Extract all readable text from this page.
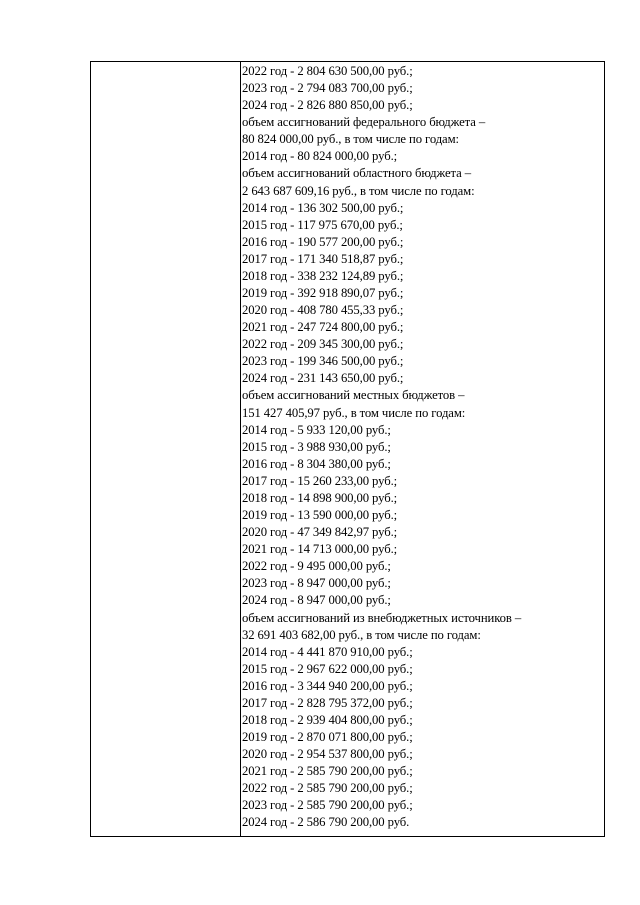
2022 год - 2 804 630 500,00 руб.;
2023 год - 2 794 083 700,00 руб.;
2024 год - 2 826 880 850,00 руб.;
объем ассигнований федерального бюджета –
80 824 000,00 руб., в том числе по годам:
2014 год - 80 824 000,00 руб.;
объем ассигнований областного бюджета –
2 643 687 609,16 руб., в том числе по годам:
2014 год - 136 302 500,00 руб.;
2015 год - 117 975 670,00 руб.;
2016 год - 190 577 200,00 руб.;
2017 год - 171 340 518,87 руб.;
2018 год - 338 232 124,89 руб.;
2019 год - 392 918 890,07 руб.;
2020 год - 408 780 455,33 руб.;
2021 год - 247 724 800,00 руб.;
2022 год - 209 345 300,00 руб.;
2023 год - 199 346 500,00 руб.;
2024 год - 231 143 650,00 руб.;
объем ассигнований местных бюджетов –
151 427 405,97 руб., в том числе по годам:
2014 год - 5 933 120,00 руб.;
2015 год - 3 988 930,00 руб.;
2016 год - 8 304 380,00 руб.;
2017 год - 15 260 233,00 руб.;
2018 год - 14 898 900,00 руб.;
2019 год - 13 590 000,00 руб.;
2020 год - 47 349 842,97 руб.;
2021 год - 14 713 000,00 руб.;
2022 год - 9 495 000,00 руб.;
2023 год - 8 947 000,00 руб.;
2024 год - 8 947 000,00 руб.;
объем ассигнований из внебюджетных источников –
32 691 403 682,00 руб., в том числе по годам:
2014 год - 4 441 870 910,00 руб.;
2015 год - 2 967 622 000,00 руб.;
2016 год - 3 344 940 200,00 руб.;
2017 год - 2 828 795 372,00 руб.;
2018 год - 2 939 404 800,00 руб.;
2019 год - 2 870 071 800,00 руб.;
2020 год - 2 954 537 800,00 руб.;
2021 год - 2 585 790 200,00 руб.;
2022 год - 2 585 790 200,00 руб.;
2023 год - 2 585 790 200,00 руб.;
2024 год - 2 586 790 200,00 руб.
